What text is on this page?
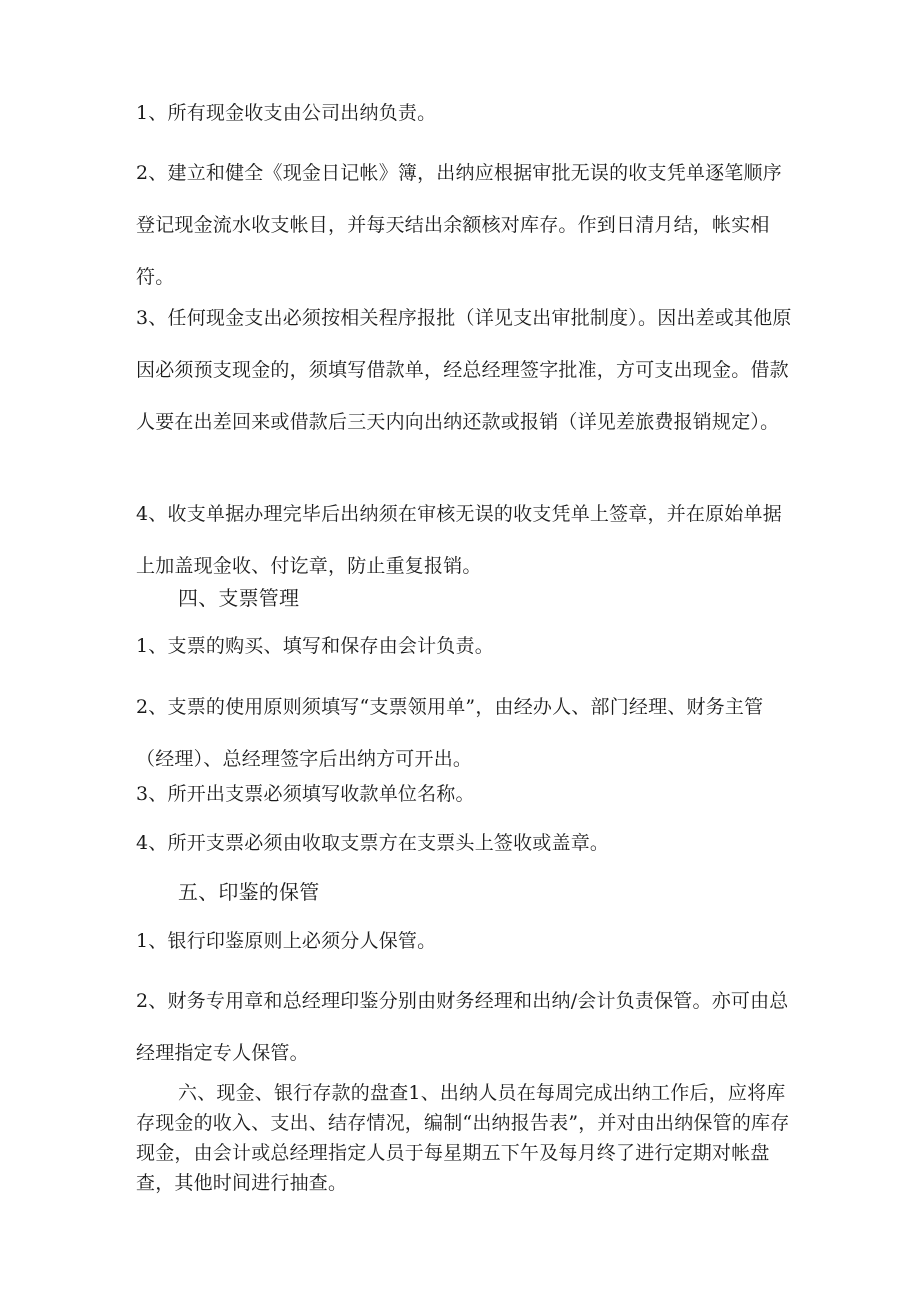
1、所有现金收支由公司出纳负责。

2、建立和健全《现金日记帐》簿，出纳应根据审批无误的收支凭单逐笔顺序登记现金流水收支帐目，并每天结出余额核对库存。作到日清月结，帐实相符。

3、任何现金支出必须按相关程序报批（详见支出审批制度）。因出差或其他原因必须预支现金的，须填写借款单，经总经理签字批准，方可支出现金。借款人要在出差回来或借款后三天内向出纳还款或报销（详见差旅费报销规定）。

4、收支单据办理完毕后出纳须在审核无误的收支凭单上签章，并在原始单据上加盖现金收、付讫章，防止重复报销。

四、支票管理

1、支票的购买、填写和保存由会计负责。

2、支票的使用原则须填写“支票领用单”，由经办人、部门经理、财务主管（经理）、总经理签字后出纳方可开出。

3、所开出支票必须填写收款单位名称。

4、所开支票必须由收取支票方在支票头上签收或盖章。

五、印鉴的保管

1、银行印鉴原则上必须分人保管。

2、财务专用章和总经理印鉴分别由财务经理和出纳/会计负责保管。亦可由总经理指定专人保管。

六、现金、银行存款的盘查1、出纳人员在每周完成出纳工作后，应将库存现金的收入、支出、结存情况，编制“出纳报告表”，并对由出纳保管的库存现金，由会计或总经理指定人员于每星期五下午及每月终了进行定期对帐盘查，其他时间进行抽查。
